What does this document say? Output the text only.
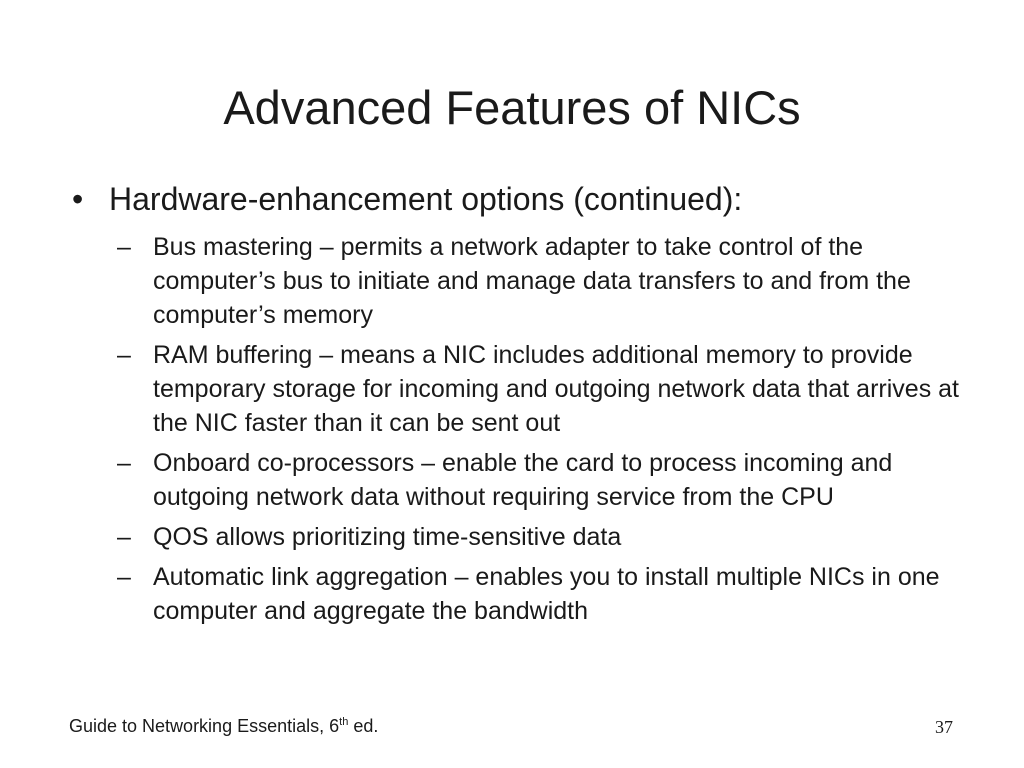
Advanced Features of NICs
• Hardware-enhancement options (continued):
– Bus mastering – permits a network adapter to take control of the computer’s bus to initiate and manage data transfers to and from the computer’s memory
– RAM buffering – means a NIC includes additional memory to provide temporary storage for incoming and outgoing network data that arrives at the NIC faster than it can be sent out
– Onboard co-processors – enable the card to process incoming and outgoing network data without requiring service from the CPU
– QOS allows prioritizing time-sensitive data
– Automatic link aggregation – enables you to install multiple NICs in one computer and aggregate the bandwidth
Guide to Networking Essentials, 6th ed.	37
